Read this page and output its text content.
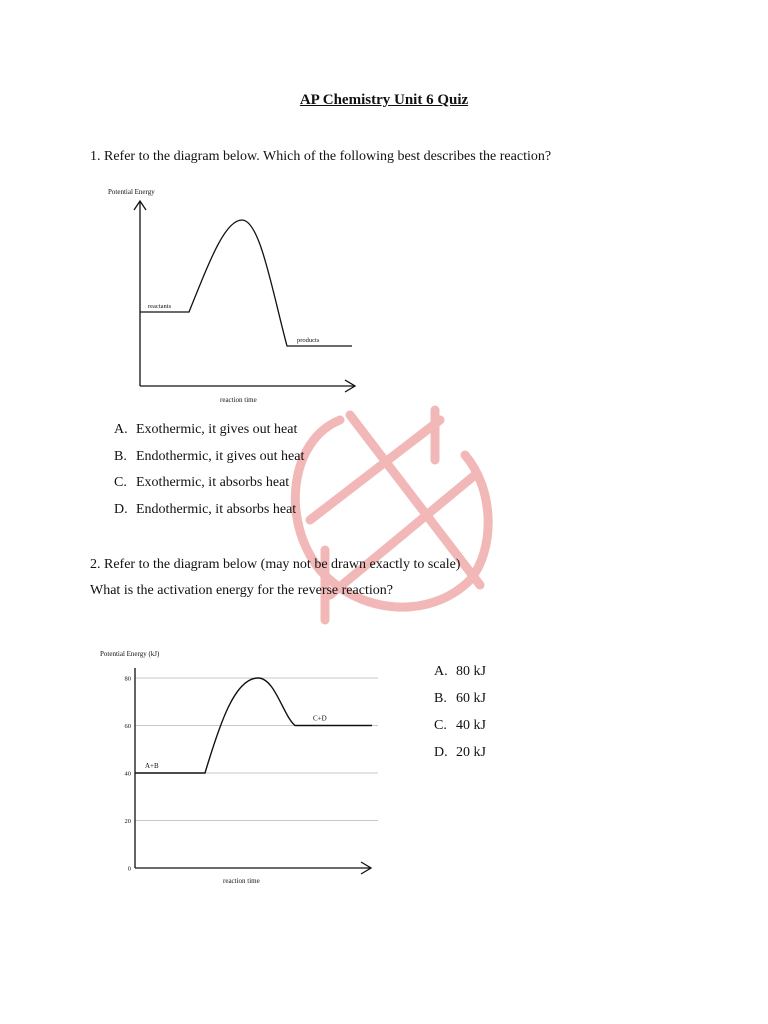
AP Chemistry Unit 6 Quiz
1. Refer to the diagram below. Which of the following best describes the reaction?
Potential Energy
reactants
products
reaction time
A. Exothermic, it gives out heat
B. Endothermic, it gives out heat
C. Exothermic, it absorbs heat
D. Endothermic, it absorbs heat
2. Refer to the diagram below (may not be drawn exactly to scale)
What is the activation energy for the reverse reaction?
Potential Energy (kJ)
80
60
40
20
0
A+B
C+D
reaction time
A. 80 kJ
B. 60 kJ
C. 40 kJ
D. 20 kJ
